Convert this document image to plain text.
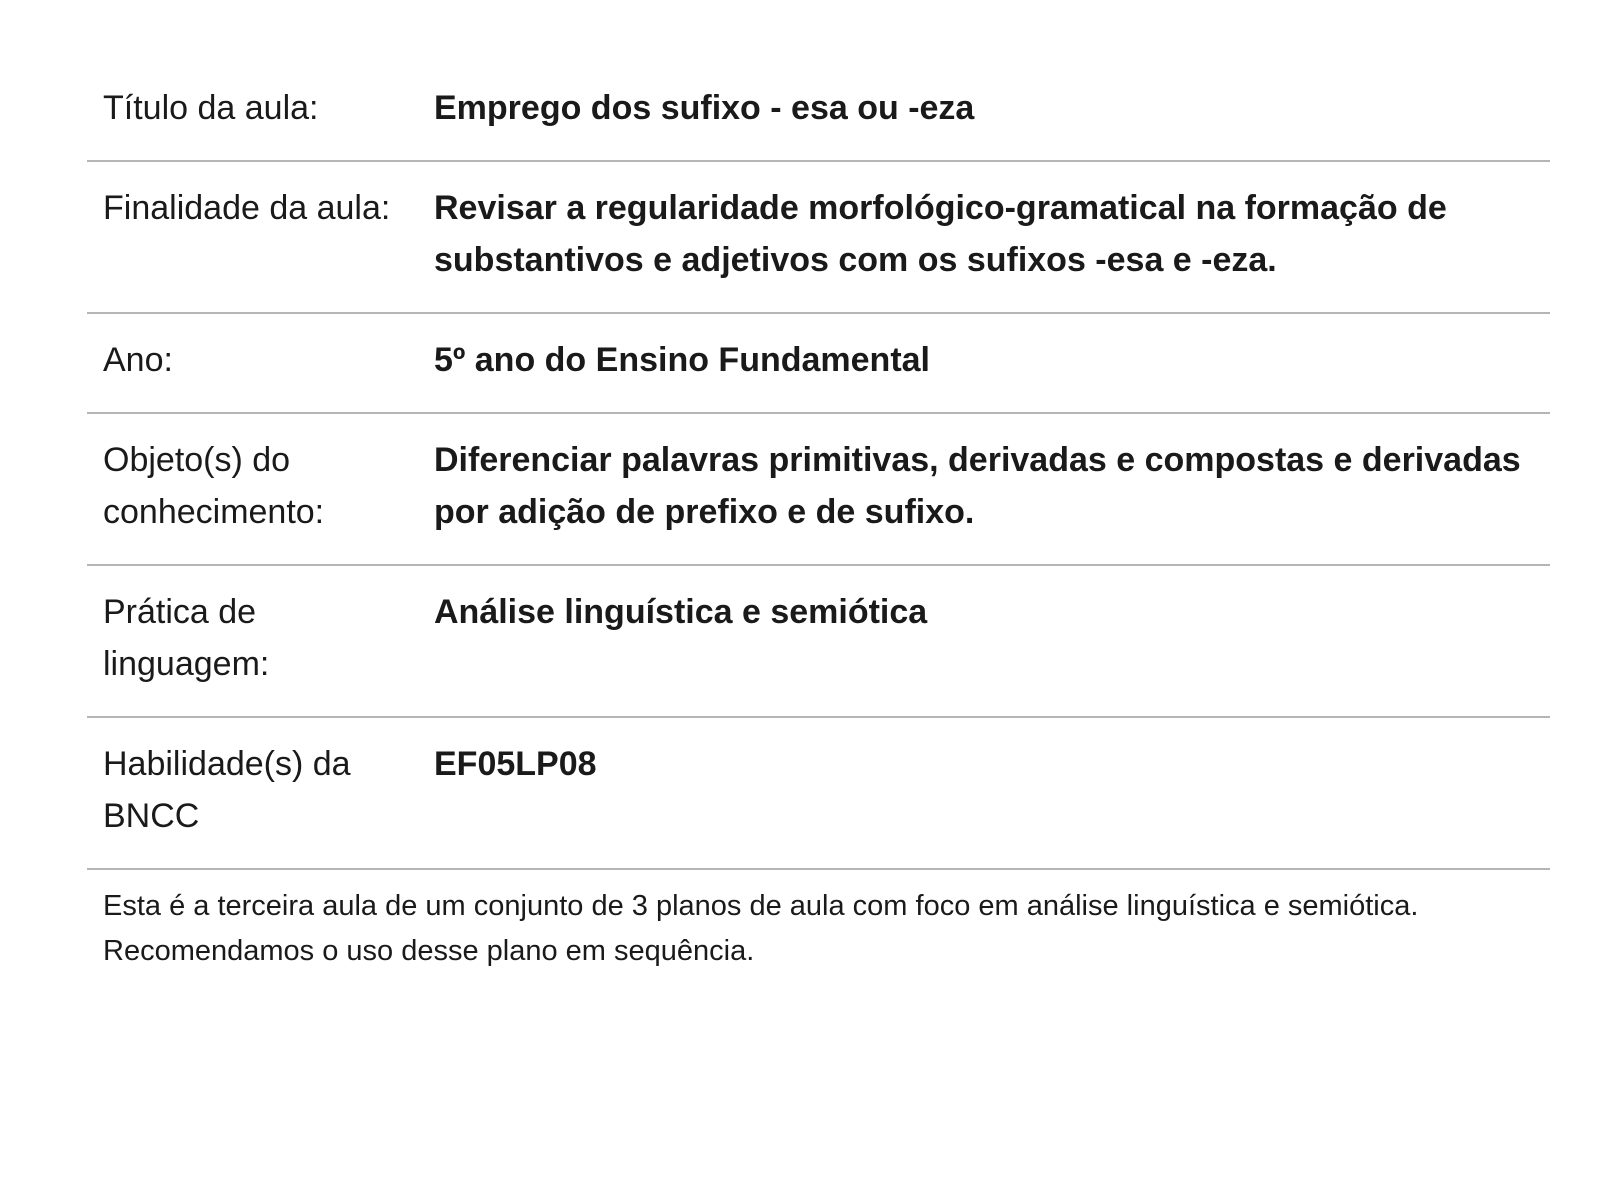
Título da aula:	Emprego dos sufixo - esa ou -eza
Finalidade da aula:	Revisar a regularidade morfológico-gramatical na formação de substantivos e adjetivos com os sufixos -esa e -eza.
Ano:	5º ano do Ensino Fundamental
Objeto(s) do conhecimento:	Diferenciar palavras primitivas, derivadas e compostas e derivadas por adição de prefixo e de sufixo.
Prática de linguagem:	Análise linguística e semiótica
Habilidade(s) da BNCC	EF05LP08

Esta é a terceira aula de um conjunto de 3 planos de aula com foco em análise linguística e semiótica. Recomendamos o uso desse plano em sequência.
